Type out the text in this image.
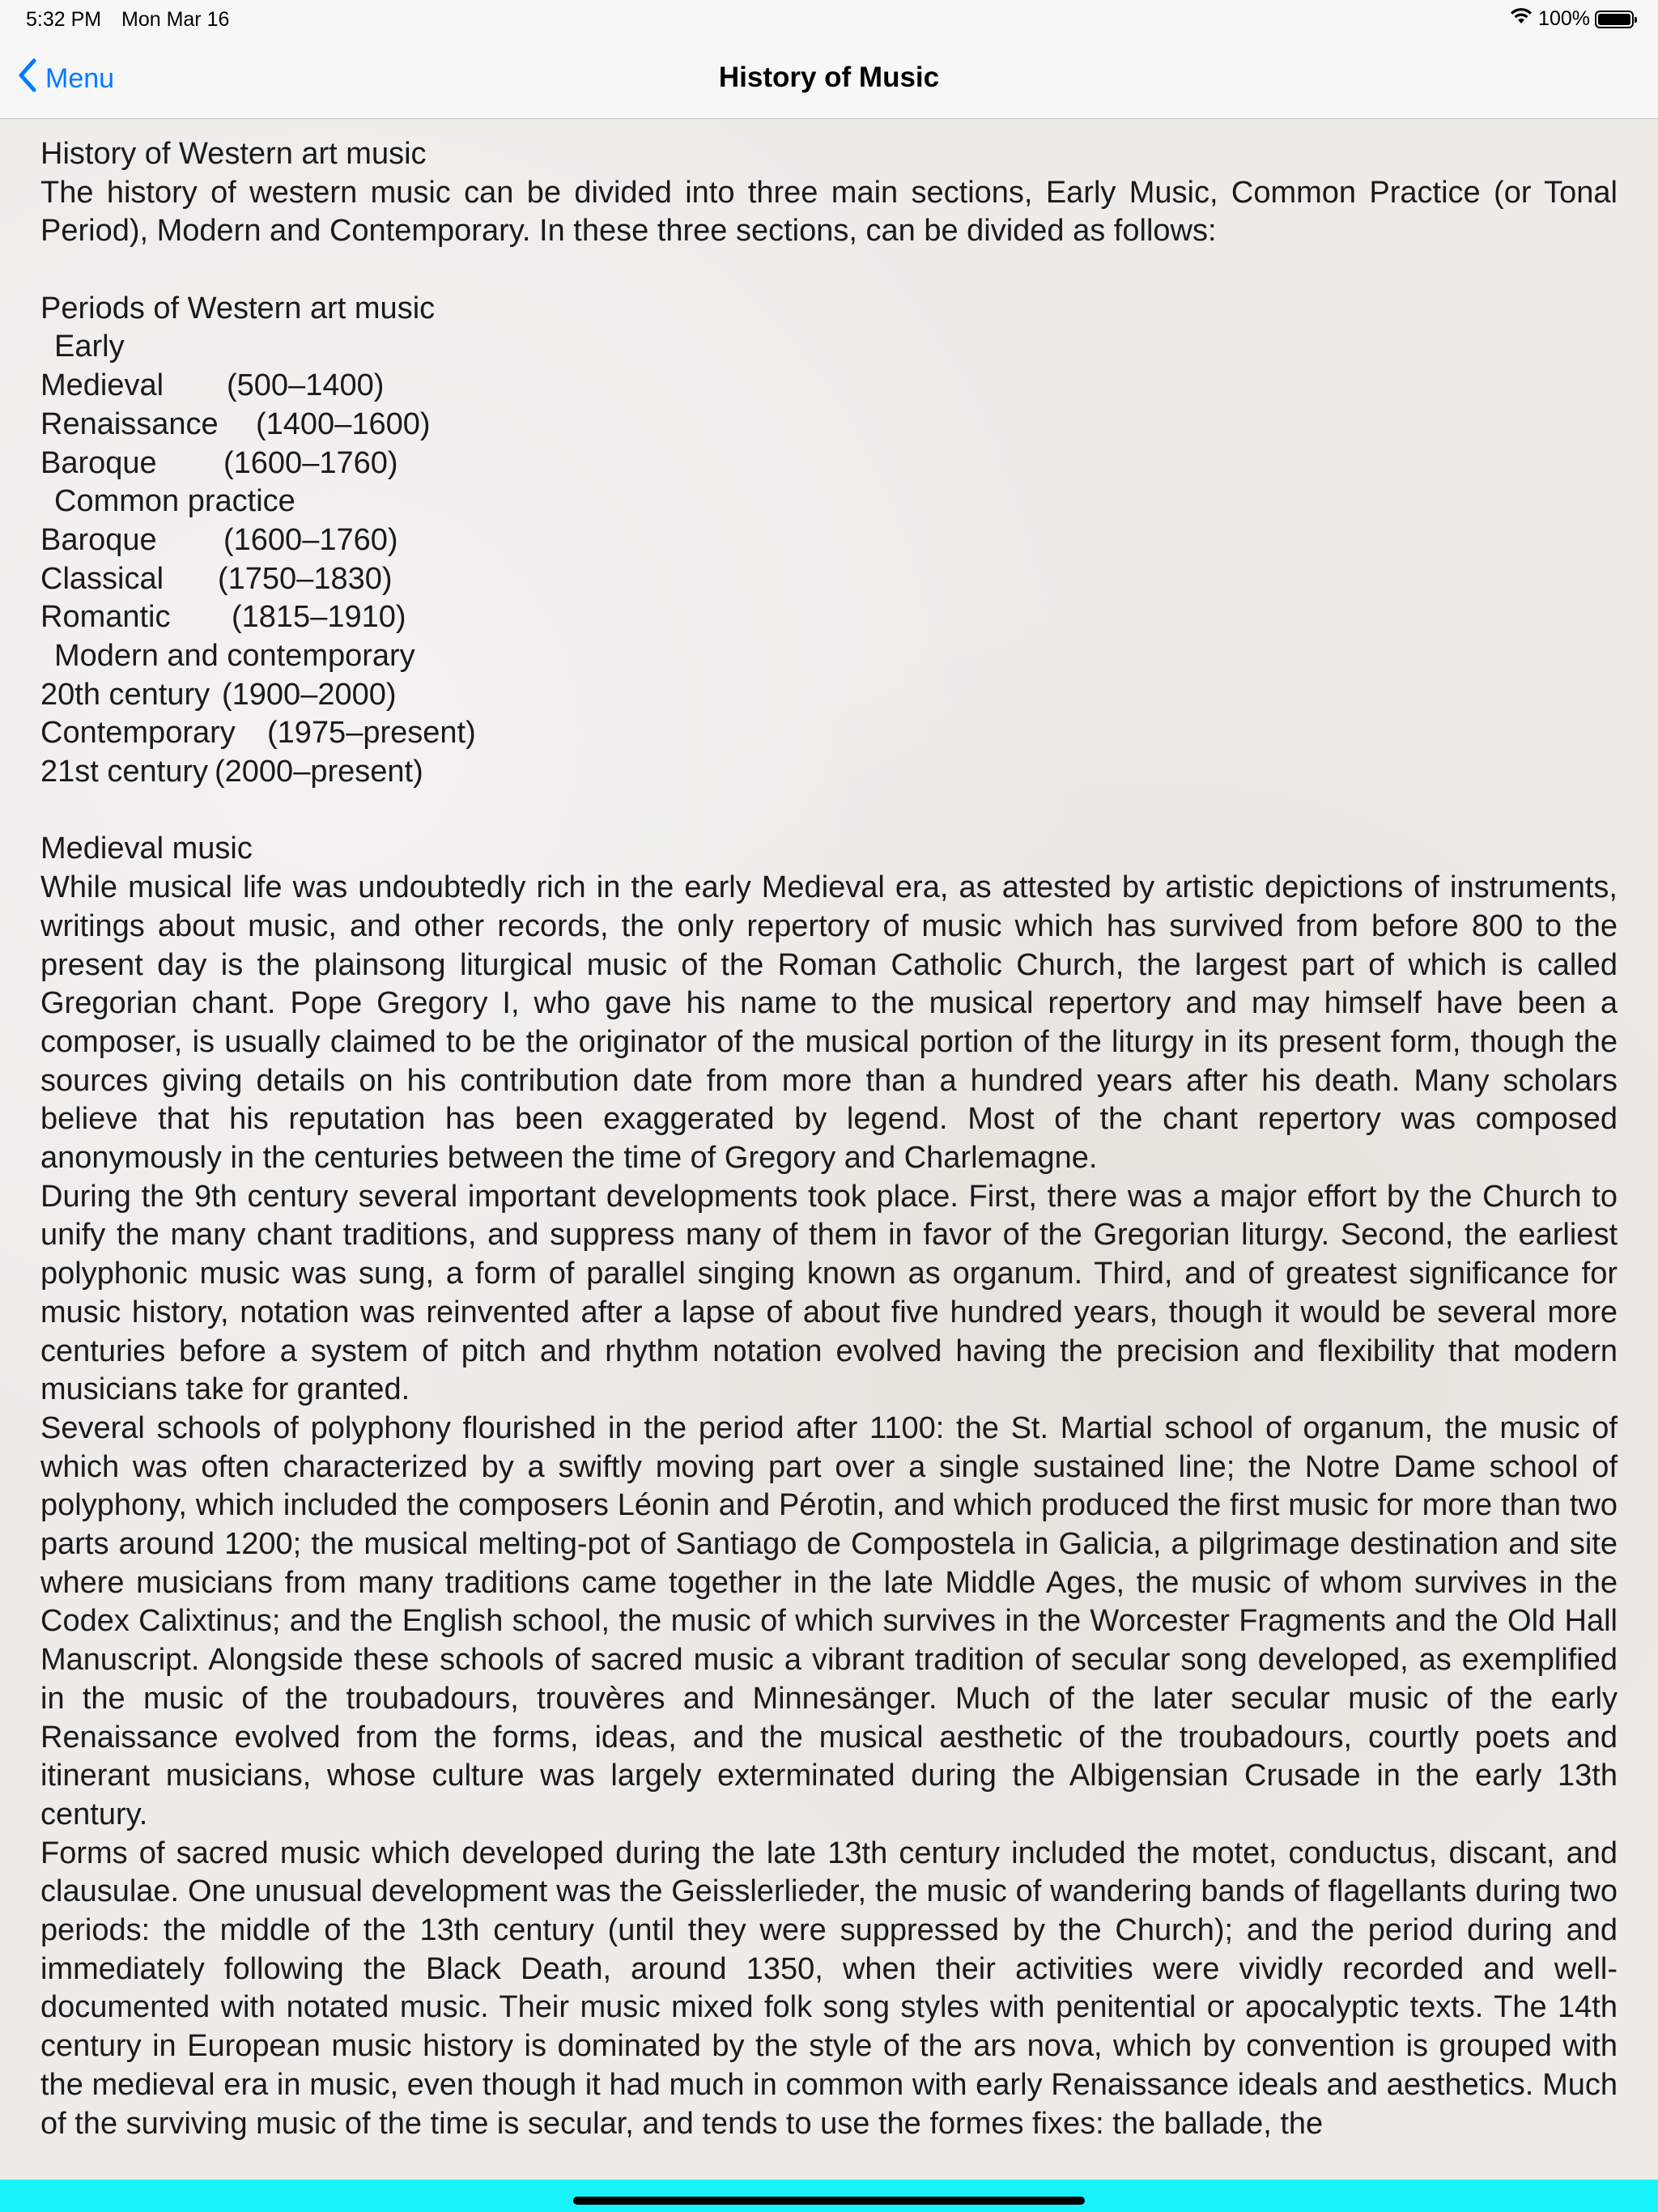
5:32 PM Mon Mar 16	100%
Menu	History of Music
History of Western art music
The history of western music can be divided into three main sections, Early Music, Common Practice (or Tonal Period), Modern and Contemporary. In these three sections, can be divided as follows:
Periods of Western art music
Early
Medieval (500–1400)
Renaissance (1400–1600)
Baroque (1600–1760)
Common practice
Baroque (1600–1760)
Classical (1750–1830)
Romantic (1815–1910)
Modern and contemporary
20th century (1900–2000)
Contemporary (1975–present)
21st century (2000–present)
Medieval music
While musical life was undoubtedly rich in the early Medieval era, as attested by artistic depictions of instruments, writings about music, and other records, the only repertory of music which has survived from before 800 to the present day is the plainsong liturgical music of the Roman Catholic Church, the largest part of which is called Gregorian chant. Pope Gregory I, who gave his name to the musical repertory and may himself have been a composer, is usually claimed to be the originator of the musical portion of the liturgy in its present form, though the sources giving details on his contribution date from more than a hundred years after his death. Many scholars believe that his reputation has been exaggerated by legend. Most of the chant repertory was composed anonymously in the centuries between the time of Gregory and Charlemagne.
During the 9th century several important developments took place. First, there was a major effort by the Church to unify the many chant traditions, and suppress many of them in favor of the Gregorian liturgy. Second, the earliest polyphonic music was sung, a form of parallel singing known as organum. Third, and of greatest significance for music history, notation was reinvented after a lapse of about five hundred years, though it would be several more centuries before a system of pitch and rhythm notation evolved having the precision and flexibility that modern musicians take for granted.
Several schools of polyphony flourished in the period after 1100: the St. Martial school of organum, the music of which was often characterized by a swiftly moving part over a single sustained line; the Notre Dame school of polyphony, which included the composers Léonin and Pérotin, and which produced the first music for more than two parts around 1200; the musical melting-pot of Santiago de Compostela in Galicia, a pilgrimage destination and site where musicians from many traditions came together in the late Middle Ages, the music of whom survives in the Codex Calixtinus; and the English school, the music of which survives in the Worcester Fragments and the Old Hall Manuscript. Alongside these schools of sacred music a vibrant tradition of secular song developed, as exemplified in the music of the troubadours, trouvères and Minnesänger. Much of the later secular music of the early Renaissance evolved from the forms, ideas, and the musical aesthetic of the troubadours, courtly poets and itinerant musicians, whose culture was largely exterminated during the Albigensian Crusade in the early 13th century.
Forms of sacred music which developed during the late 13th century included the motet, conductus, discant, and clausulae. One unusual development was the Geisslerlieder, the music of wandering bands of flagellants during two periods: the middle of the 13th century (until they were suppressed by the Church); and the period during and immediately following the Black Death, around 1350, when their activities were vividly recorded and well-documented with notated music. Their music mixed folk song styles with penitential or apocalyptic texts. The 14th century in European music history is dominated by the style of the ars nova, which by convention is grouped with the medieval era in music, even though it had much in common with early Renaissance ideals and aesthetics. Much of the surviving music of the time is secular, and tends to use the formes fixes: the ballade, the
